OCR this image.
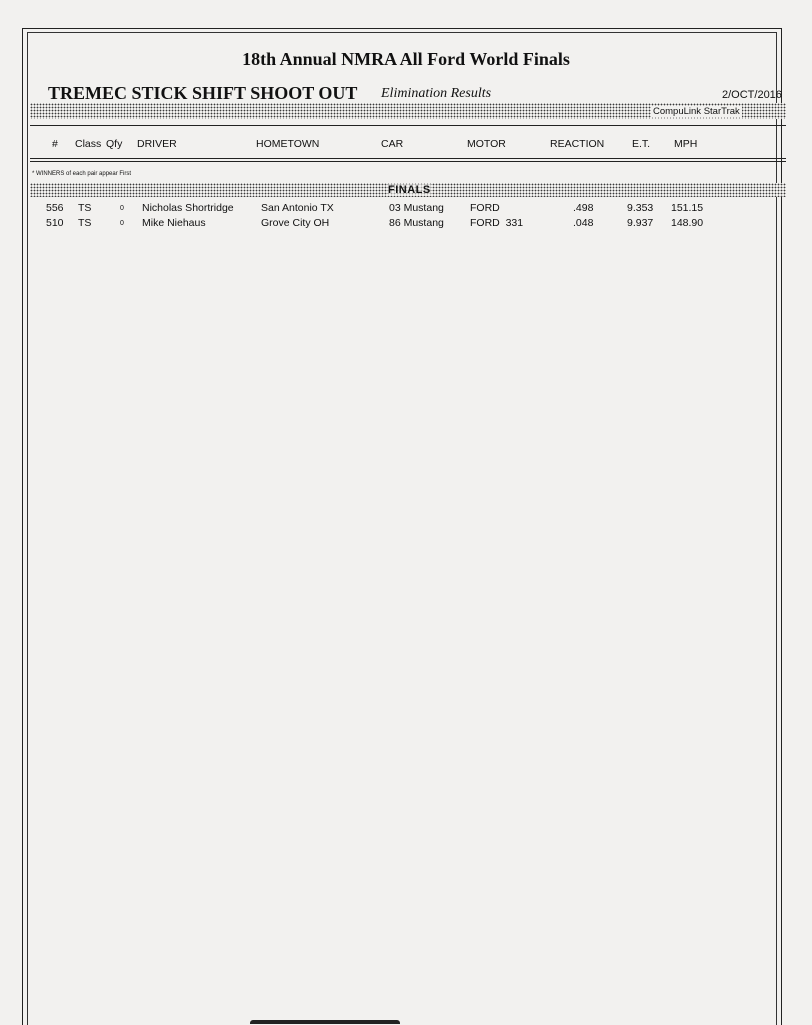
18th Annual NMRA All Ford World Finals
TREMEC STICK SHIFT SHOOT OUT Elimination Results	2/OCT/2016
CompuLink StarTrak
# Class Qfy DRIVER	HOMETOWN	CAR	MOTOR	REACTION	E.T. MPH
* WINNERS of each pair appear First
FINALS
556 TS	0 Nicholas Shortridge	San Antonio TX	03 Mustang FORD	.498	9.353 151.15
510 TS	0 Mike Niehaus	Grove City OH	86 Mustang FORD  331	.048	9.937 148.90
